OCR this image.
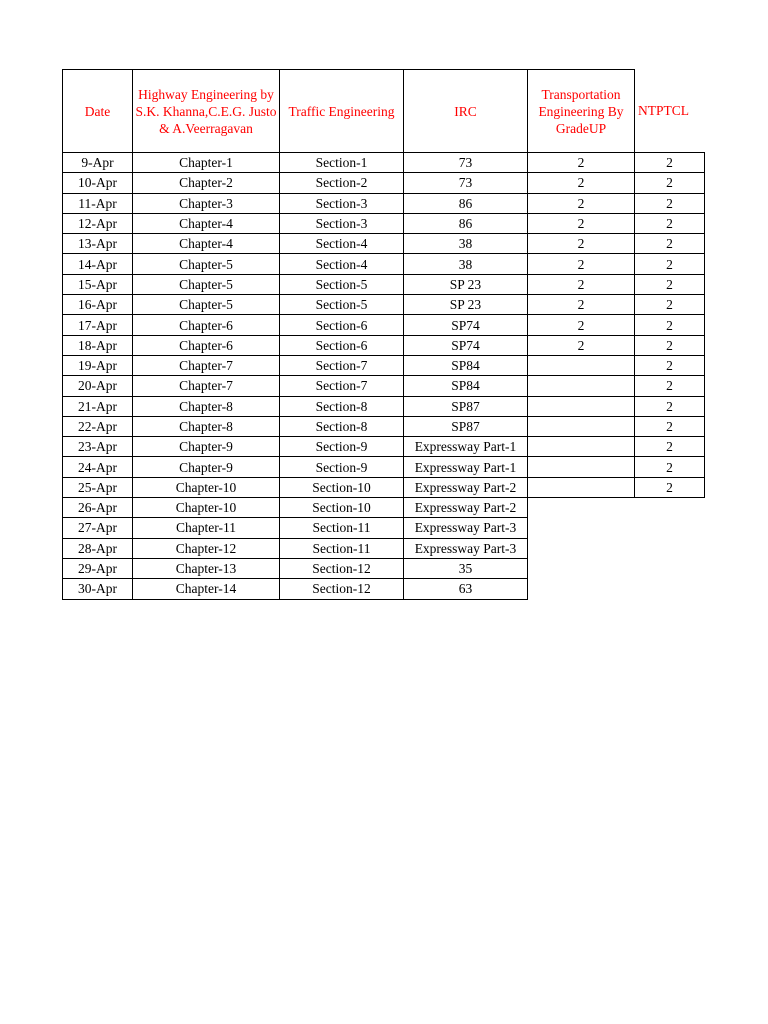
Date	Highway Engineering by S.K. Khanna,C.E.G. Justo & A.Veerragavan	Traffic Engineering	IRC	Transportation Engineering By GradeUP	NTPTCL
9-Apr	Chapter-1	Section-1	73	2	2
10-Apr	Chapter-2	Section-2	73	2	2
11-Apr	Chapter-3	Section-3	86	2	2
12-Apr	Chapter-4	Section-3	86	2	2
13-Apr	Chapter-4	Section-4	38	2	2
14-Apr	Chapter-5	Section-4	38	2	2
15-Apr	Chapter-5	Section-5	SP 23	2	2
16-Apr	Chapter-5	Section-5	SP 23	2	2
17-Apr	Chapter-6	Section-6	SP74	2	2
18-Apr	Chapter-6	Section-6	SP74	2	2
19-Apr	Chapter-7	Section-7	SP84		2
20-Apr	Chapter-7	Section-7	SP84		2
21-Apr	Chapter-8	Section-8	SP87		2
22-Apr	Chapter-8	Section-8	SP87		2
23-Apr	Chapter-9	Section-9	Expressway Part-1		2
24-Apr	Chapter-9	Section-9	Expressway Part-1		2
25-Apr	Chapter-10	Section-10	Expressway Part-2		2
26-Apr	Chapter-10	Section-10	Expressway Part-2		
27-Apr	Chapter-11	Section-11	Expressway Part-3		
28-Apr	Chapter-12	Section-11	Expressway Part-3		
29-Apr	Chapter-13	Section-12	35		
30-Apr	Chapter-14	Section-12	63		
